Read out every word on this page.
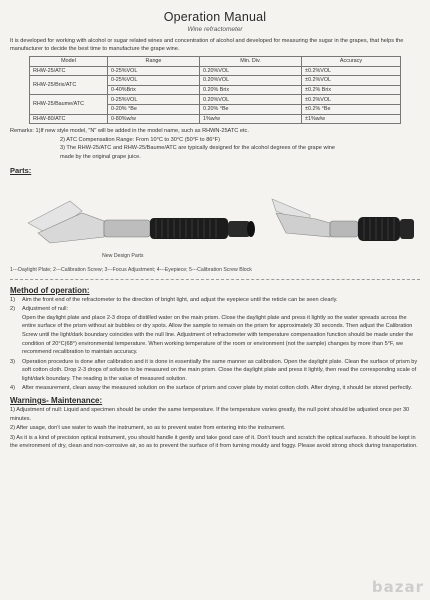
Operation Manual
Wine refractometer
It is developed for working with alcohol or sugar related wines and concentration of alcohol and developed for measuring the sugar in the grapes, that helps the manufacturer to decide the best time to manufacture the grape wine.
Model	Range	Min. Div.	Accuracy
RHW-25/ATC	0-25%VOL	0.20%VOL	±0.2%VOL
RHW-25/Brix/ATC	0-25%VOL	0.20%VOL	±0.2%VOL
	0-40%Brix	0.20% Brix	±0.2% Brix
RHW-25/Baume/ATC	0-25%VOL	0.20%VOL	±0.2%VOL
	0-20% °Be	0.20% °Be	±0.2% °Be
RHW-80/ATC	0-80%w/w	1%w/w	±1%w/w
Remarks: 1)If new style model, "N" will be added in the model name, such as RHWN-25ATC etc.
2) ATC Compensation Range: From 10°C to 30°C (50°F to 86°F)
3) The RHW-25/ATC and RHW-25/Baume/ATC are typically designed for the alcohol degrees of the grape wine
made by the original grape juice.
Parts:
New Design Parts
1---Daylight Plate; 2---Calibration Screw; 3---Focus Adjustment; 4---Eyepiece; 5---Calibration Screw Block
Method of operation:
1)	Aim the front end of the refractometer to the direction of bright light, and adjust the eyepiece until the reticle can be seen clearly.
2)	Adjustment of null:
Open the daylight plate and place 2-3 drops of distilled water on the main prism. Close the daylight plate and press it lightly so the water spreads across the entire surface of the prism without air bubbles or dry spots. Allow the sample to remain on the prism for approximately 30 seconds. Then adjust the Calibration Screw until the light/dark boundary coincides with the null line. Adjustment of refractometer with temperature compensation function should be made under the condition of 20°C(68°) environmental temperature. When working temperature of the room or environment (not the sample) changes by more than 5°F, we recommend recalibration to maintain accuracy.
3)	Operation procedure is done after calibration and it is done in essentially the same manner as calibration. Open the daylight plate. Clean the surface of prism by soft cotton cloth. Drop 2-3 drops of solution to be measured on the main prism. Close the daylight plate and press it lightly, then read the corresponding scale of light/dark boundary. The reading is the value of measured solution.
4)	After measurement, clean away the measured solution on the surface of prism and cover plate by moist cotton cloth. After drying, it should be stored perfectly.
Warnings- Maintenance:
1) Adjustment of null: Liquid and specimen should be under the same temperature. If the temperature varies greatly, the null point should be adjusted once per 30 minutes.
2) After usage, don't use water to wash the instrument, so as to prevent water from entering into the instrument.
3) As it is a kind of precision optical instrument, you should handle it gently and take good care of it. Don't touch and scratch the optical surfaces. It should be kept in the environment of dry, clean and non-corrosive air, so as to prevent the surface of it from turning mouldy and foggy. Please avoid strong shock during transportation.
bazar
